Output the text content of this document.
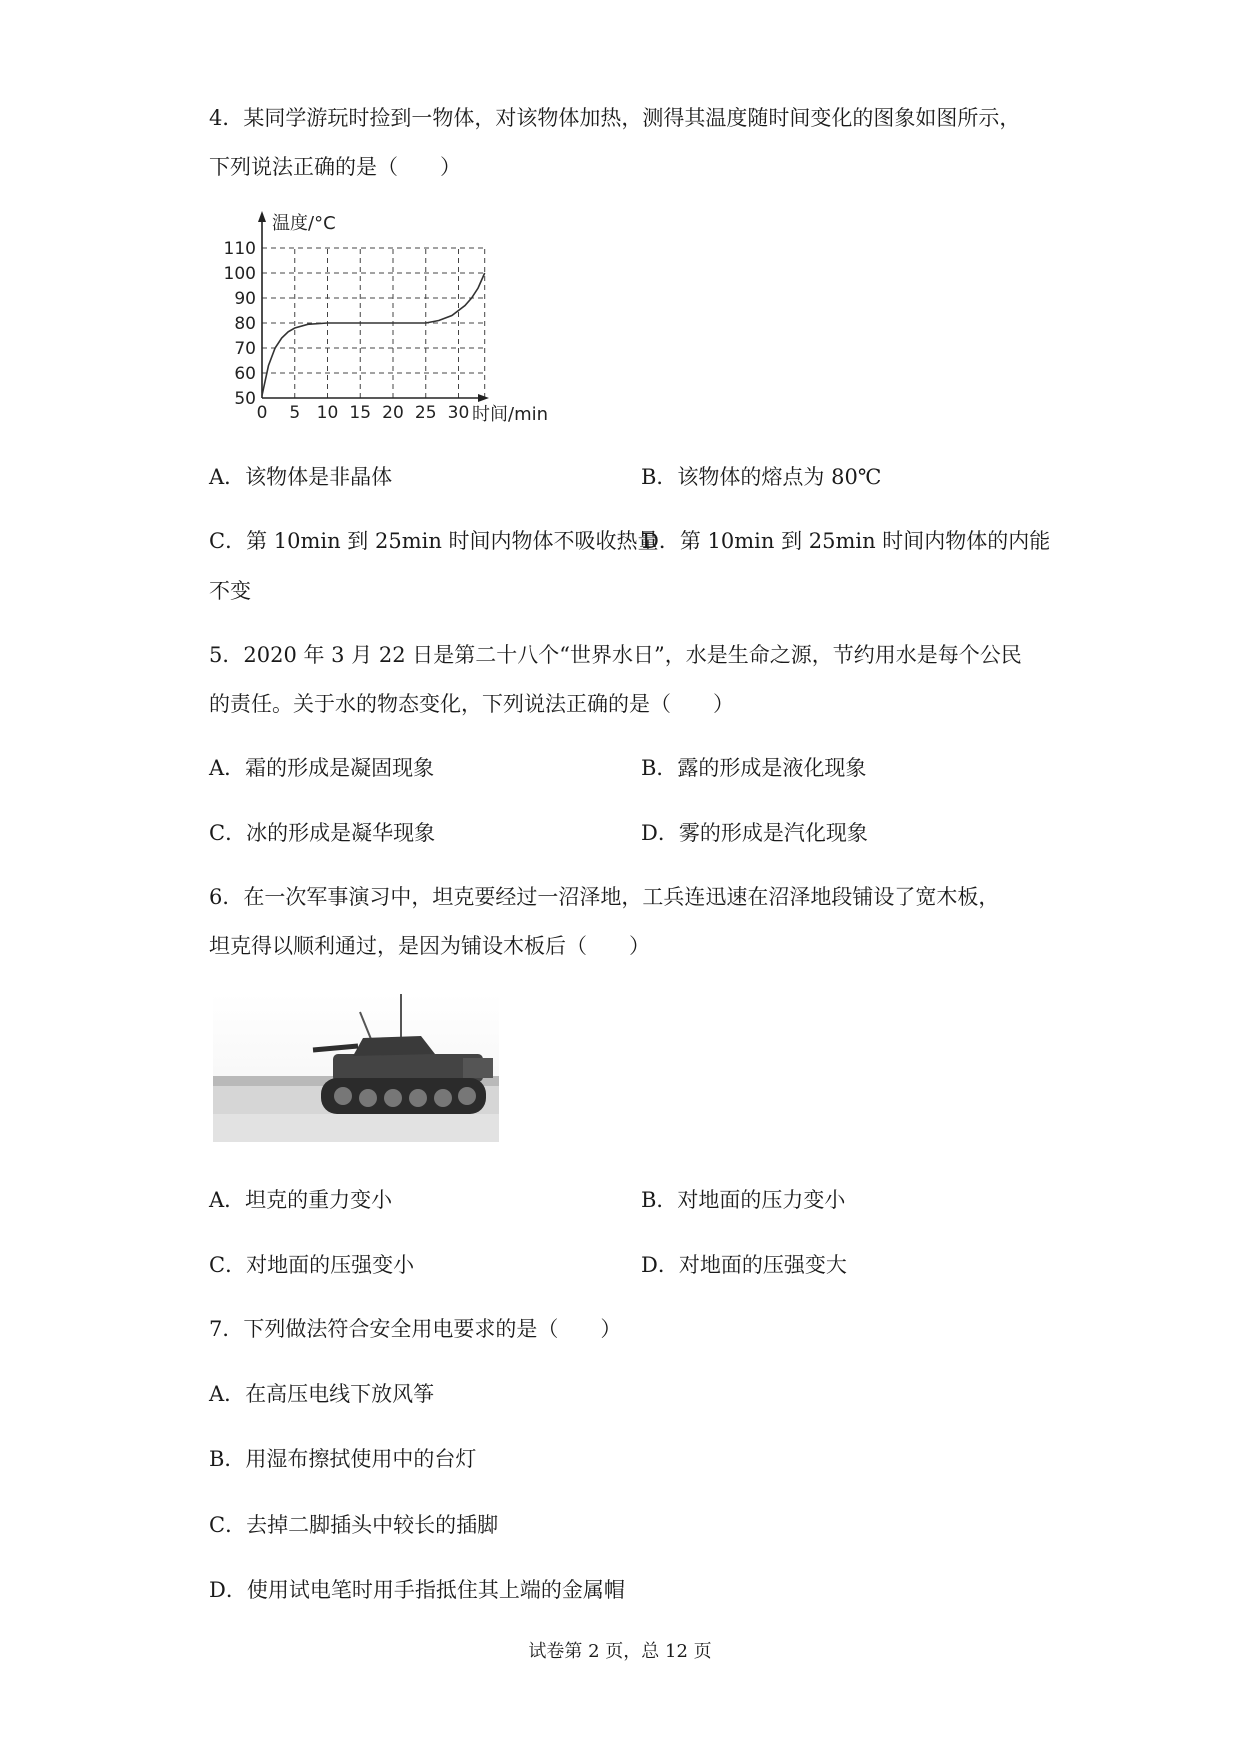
4．某同学游玩时捡到一物体，对该物体加热，测得其温度随时间变化的图象如图所示，
下列说法正确的是（　　）
50
60
70
80
90
100
110
0 5 10 15 20 25 30
温度/°C
时间/min
A．该物体是非晶体	B．该物体的熔点为 80℃
C．第 10min 到 25min 时间内物体不吸收热量
D．第 10min 到 25min 时间内物体的内能
不变
5．2020 年 3 月 22 日是第二十八个“世界水日”，水是生命之源，节约用水是每个公民
的责任。关于水的物态变化，下列说法正确的是（　　）
A．霜的形成是凝固现象	B．露的形成是液化现象
C．冰的形成是凝华现象	D．雾的形成是汽化现象
6．在一次军事演习中，坦克要经过一沼泽地，工兵连迅速在沼泽地段铺设了宽木板，
坦克得以顺利通过，是因为铺设木板后（　　）
A．坦克的重力变小	B．对地面的压力变小
C．对地面的压强变小	D．对地面的压强变大
7．下列做法符合安全用电要求的是（　　）
A．在高压电线下放风筝
B．用湿布擦拭使用中的台灯
C．去掉二脚插头中较长的插脚
D．使用试电笔时用手指抵住其上端的金属帽
试卷第 2 页，总 12 页
